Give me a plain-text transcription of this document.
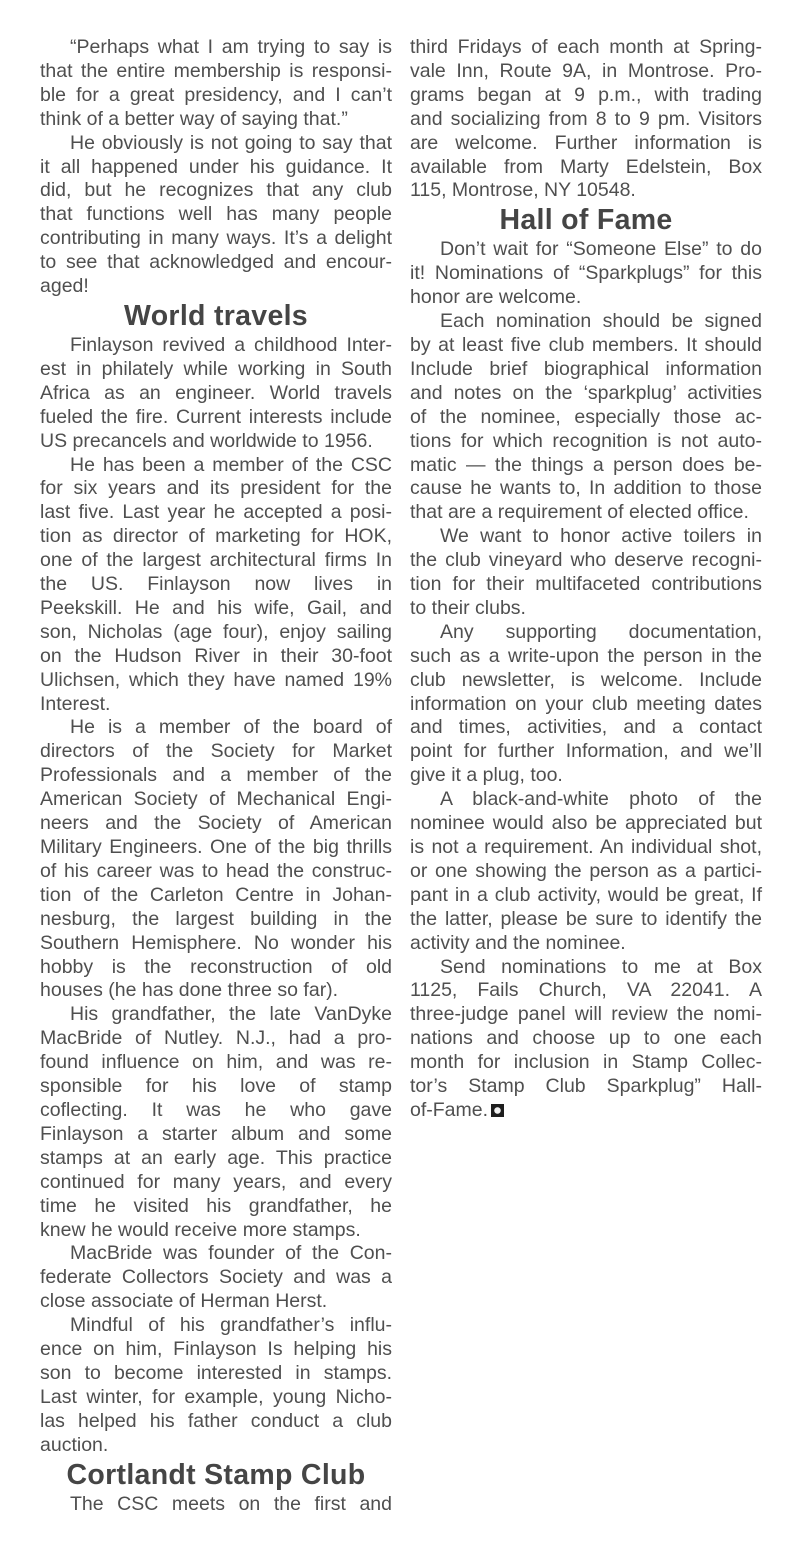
“Perhaps what I am trying to say is
that the entire membership is responsi-
ble for a great presidency, and I can’t
think of a better way of saying that.”
He obviously is not going to say that
it all happened under his guidance. It
did, but he recognizes that any club
that functions well has many people
contributing in many ways. It’s a delight
to see that acknowledged and encour-
aged!
World travels
Finlayson revived a childhood Inter-
est in philately while working in South
Africa as an engineer. World travels
fueled the fire. Current interests include
US precancels and worldwide to 1956.
He has been a member of the CSC
for six years and its president for the
last five. Last year he accepted a posi-
tion as director of marketing for HOK,
one of the largest architectural firms In
the US. Finlayson now lives in
Peekskill. He and his wife, Gail, and
son, Nicholas (age four), enjoy sailing
on the Hudson River in their 30-foot
Ulichsen, which they have named 19%
Interest.
He is a member of the board of
directors of the Society for Market
Professionals and a member of the
American Society of Mechanical Engi-
neers and the Society of American
Military Engineers. One of the big thrills
of his career was to head the construc-
tion of the Carleton Centre in Johan-
nesburg, the largest building in the
Southern Hemisphere. No wonder his
hobby is the reconstruction of old
houses (he has done three so far).
His grandfather, the late VanDyke
MacBride of Nutley. N.J., had a pro-
found influence on him, and was re-
sponsible for his love of stamp
coflecting. It was he who gave
Finlayson a starter album and some
stamps at an early age. This practice
continued for many years, and every
time he visited his grandfather, he
knew he would receive more stamps.
MacBride was founder of the Con-
federate Collectors Society and was a
close associate of Herman Herst.
Mindful of his grandfather’s influ-
ence on him, Finlayson Is helping his
son to become interested in stamps.
Last winter, for example, young Nicho-
las helped his father conduct a club
auction.
Cortlandt Stamp Club
The CSC meets on the first and
third Fridays of each month at Spring-
vale Inn, Route 9A, in Montrose. Pro-
grams began at 9 p.m., with trading
and socializing from 8 to 9 pm. Visitors
are welcome. Further information is
available from Marty Edelstein, Box
115, Montrose, NY 10548.
Hall of Fame
Don’t wait for “Someone Else” to do
it! Nominations of “Sparkplugs” for this
honor are welcome.
Each nomination should be signed
by at least five club members. It should
Include brief biographical information
and notes on the ‘sparkplug’ activities
of the nominee, especially those ac-
tions for which recognition is not auto-
matic — the things a person does be-
cause he wants to, In addition to those
that are a requirement of elected office.
We want to honor active toilers in
the club vineyard who deserve recogni-
tion for their multifaceted contributions
to their clubs.
Any supporting documentation,
such as a write-upon the person in the
club newsletter, is welcome. Include
information on your club meeting dates
and times, activities, and a contact
point for further Information, and we’ll
give it a plug, too.
A black-and-white photo of the
nominee would also be appreciated but
is not a requirement. An individual shot,
or one showing the person as a partici-
pant in a club activity, would be great, If
the latter, please be sure to identify the
activity and the nominee.
Send nominations to me at Box
1125, Fails Church, VA 22041. A
three-judge panel will review the nomi-
nations and choose up to one each
month for inclusion in Stamp Collec-
tor’s Stamp Club Sparkplug” Hall-
of-Fame.
